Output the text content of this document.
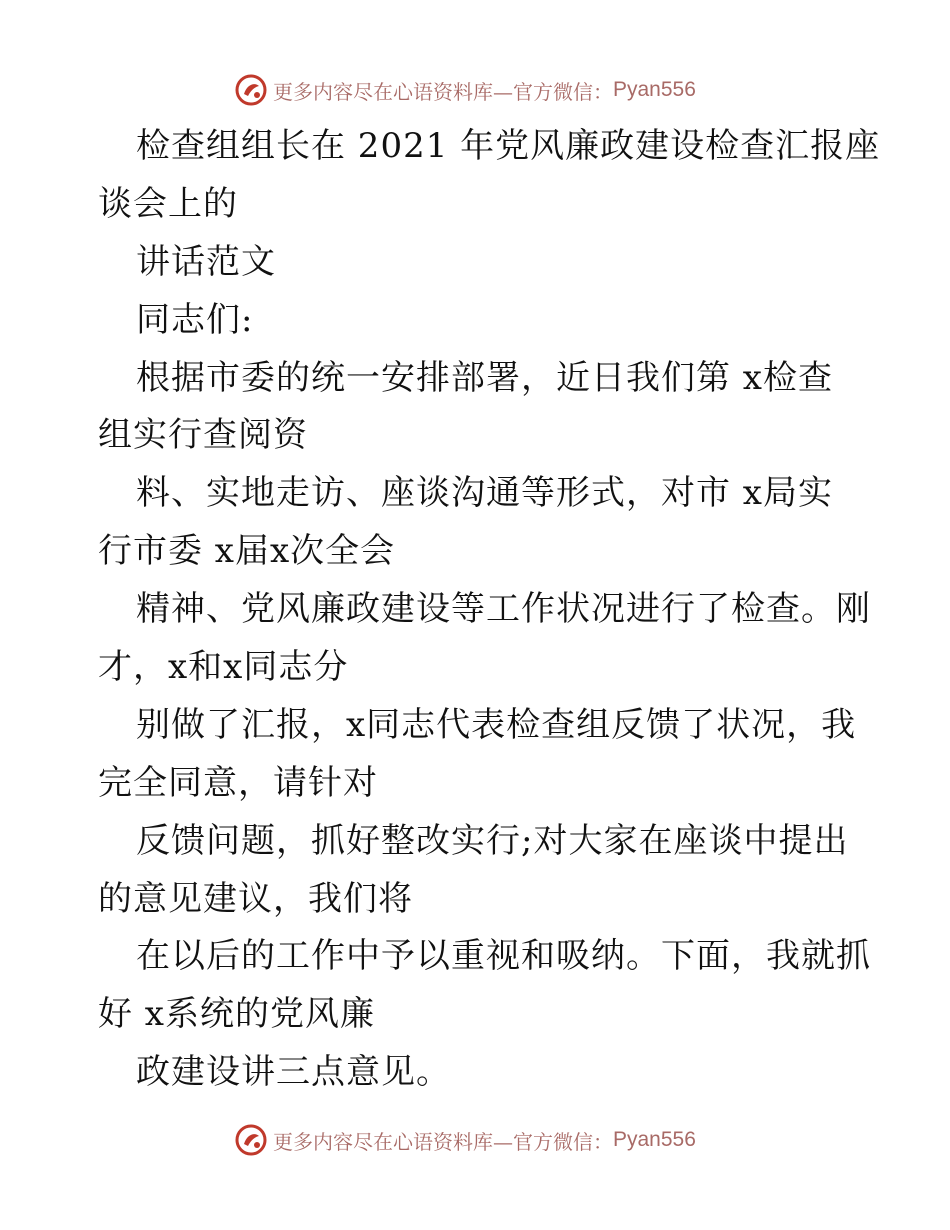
更多内容尽在心语资料库—官方微信： Pyan556
检查组组长在 2021 年党风廉政建设检查汇报座
谈会上的
讲话范文
同志们:
根据市委的统一安排部署，近日我们第 x检查
组实行查阅资
料、实地走访、座谈沟通等形式，对市 x局实
行市委 x届x次全会
精神、党风廉政建设等工作状况进行了检查。刚
才，x和x同志分
别做了汇报，x同志代表检查组反馈了状况，我
完全同意，请针对
反馈问题，抓好整改实行;对大家在座谈中提出
的意见建议，我们将
在以后的工作中予以重视和吸纳。下面，我就抓
好 x系统的党风廉
政建设讲三点意见。
更多内容尽在心语资料库—官方微信： Pyan556
